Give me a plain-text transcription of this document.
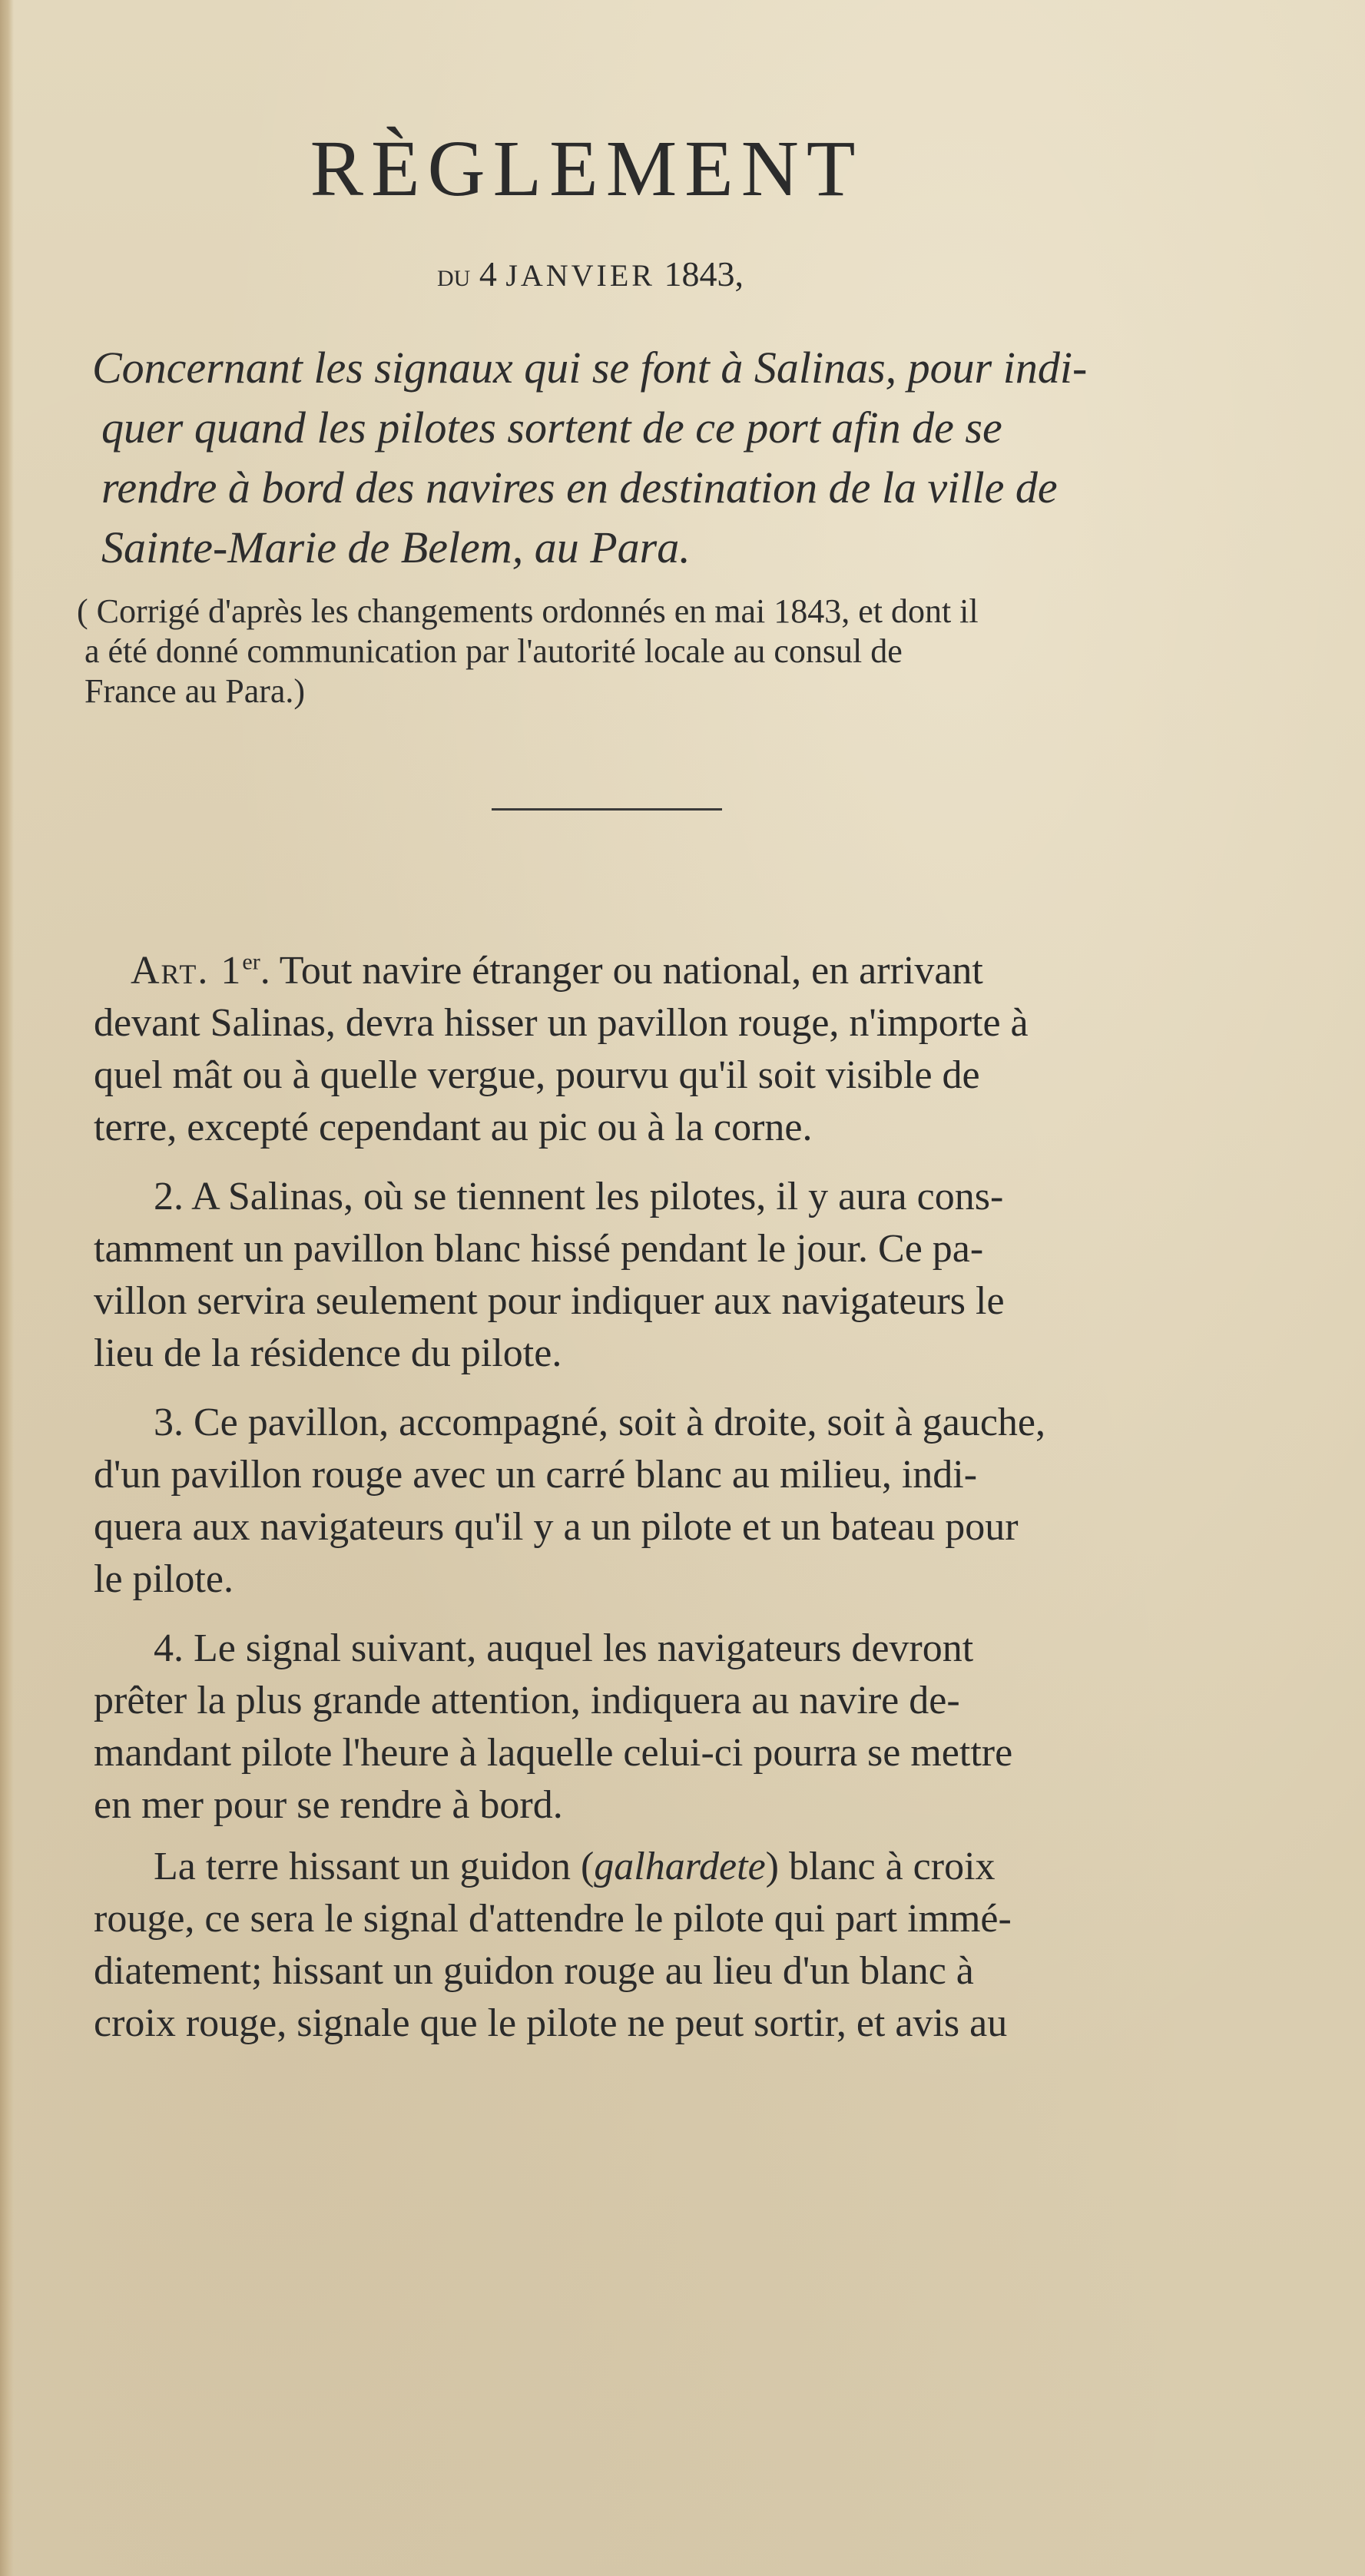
RÈGLEMENT
DU 4 JANVIER 1843,
Concernant les signaux qui se font à Salinas, pour indi-
quer quand les pilotes sortent de ce port afin de se
rendre à bord des navires en destination de la ville de
Sainte-Marie de Belem, au Para.
( Corrigé d'après les changements ordonnés en mai 1843, et dont il
a été donné communication par l'autorité locale au consul de
France au Para.)
Art. 1er. Tout navire étranger ou national, en arrivant
devant Salinas, devra hisser un pavillon rouge, n'importe à
quel mât ou à quelle vergue, pourvu qu'il soit visible de
terre, excepté cependant au pic ou à la corne.
2. A Salinas, où se tiennent les pilotes, il y aura cons-
tamment un pavillon blanc hissé pendant le jour. Ce pa-
villon servira seulement pour indiquer aux navigateurs le
lieu de la résidence du pilote.
3. Ce pavillon, accompagné, soit à droite, soit à gauche,
d'un pavillon rouge avec un carré blanc au milieu, indi-
quera aux navigateurs qu'il y a un pilote et un bateau pour
le pilote.
4. Le signal suivant, auquel les navigateurs devront
prêter la plus grande attention, indiquera au navire de-
mandant pilote l'heure à laquelle celui-ci pourra se mettre
en mer pour se rendre à bord.
La terre hissant un guidon (galhardete) blanc à croix
rouge, ce sera le signal d'attendre le pilote qui part immé-
diatement; hissant un guidon rouge au lieu d'un blanc à
croix rouge, signale que le pilote ne peut sortir, et avis au
